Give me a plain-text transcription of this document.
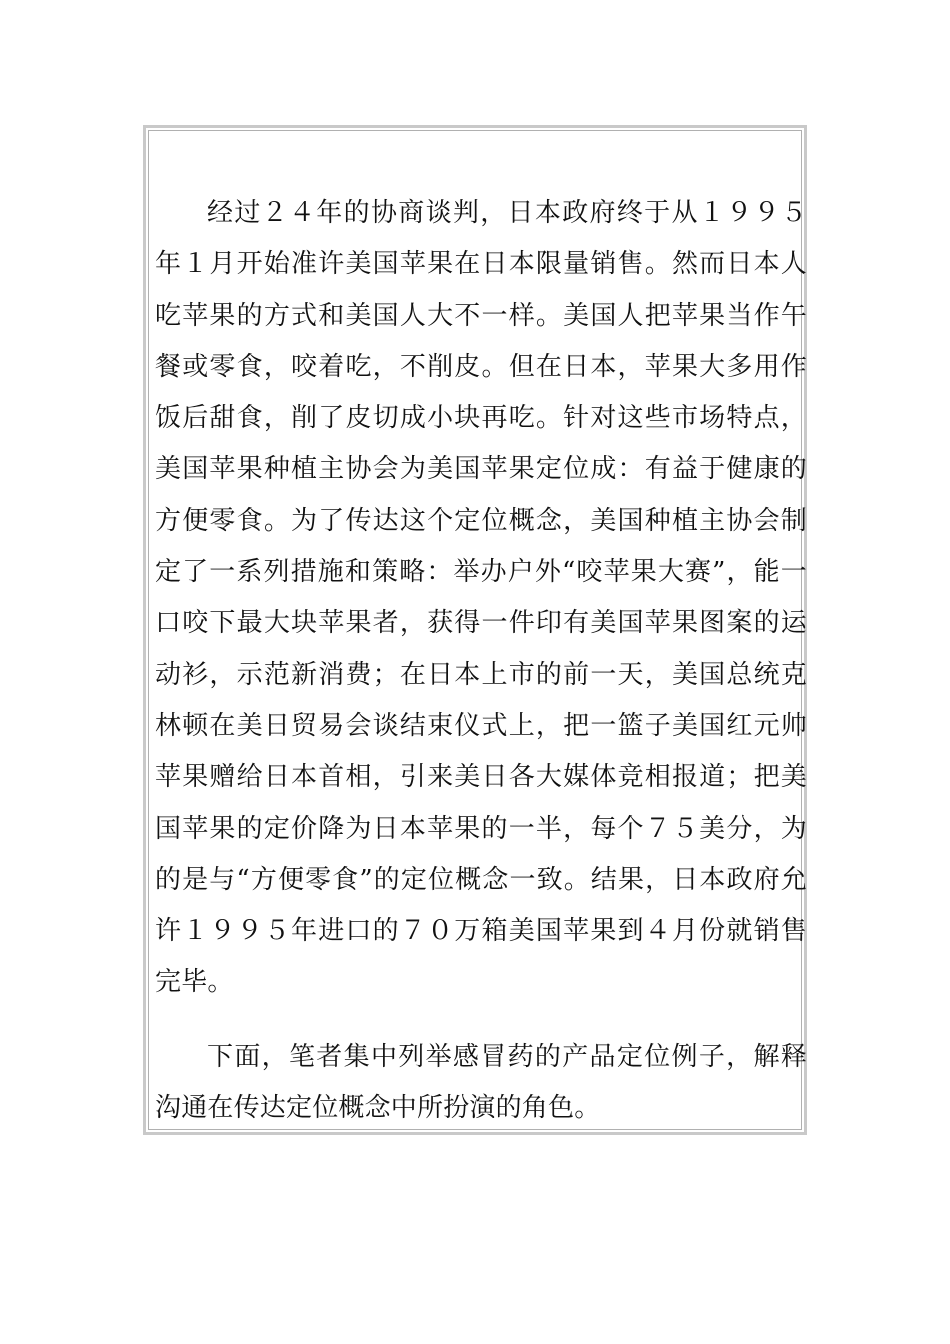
经过２４年的协商谈判，日本政府终于从１９９５年１月开始准许美国苹果在日本限量销售。然而日本人吃苹果的方式和美国人大不一样。美国人把苹果当作午餐或零食，咬着吃，不削皮。但在日本，苹果大多用作饭后甜食，削了皮切成小块再吃。针对这些市场特点，美国苹果种植主协会为美国苹果定位成：有益于健康的方便零食。为了传达这个定位概念，美国种植主协会制定了一系列措施和策略：举办户外“咬苹果大赛”，能一口咬下最大块苹果者，获得一件印有美国苹果图案的运动衫，示范新消费；在日本上市的前一天，美国总统克林顿在美日贸易会谈结束仪式上，把一篮子美国红元帅苹果赠给日本首相，引来美日各大媒体竞相报道；把美国苹果的定价降为日本苹果的一半，每个７５美分，为的是与“方便零食”的定位概念一致。结果，日本政府允许１９９５年进口的７０万箱美国苹果到４月份就销售完毕。

下面，笔者集中列举感冒药的产品定位例子，解释沟通在传达定位概念中所扮演的角色。
